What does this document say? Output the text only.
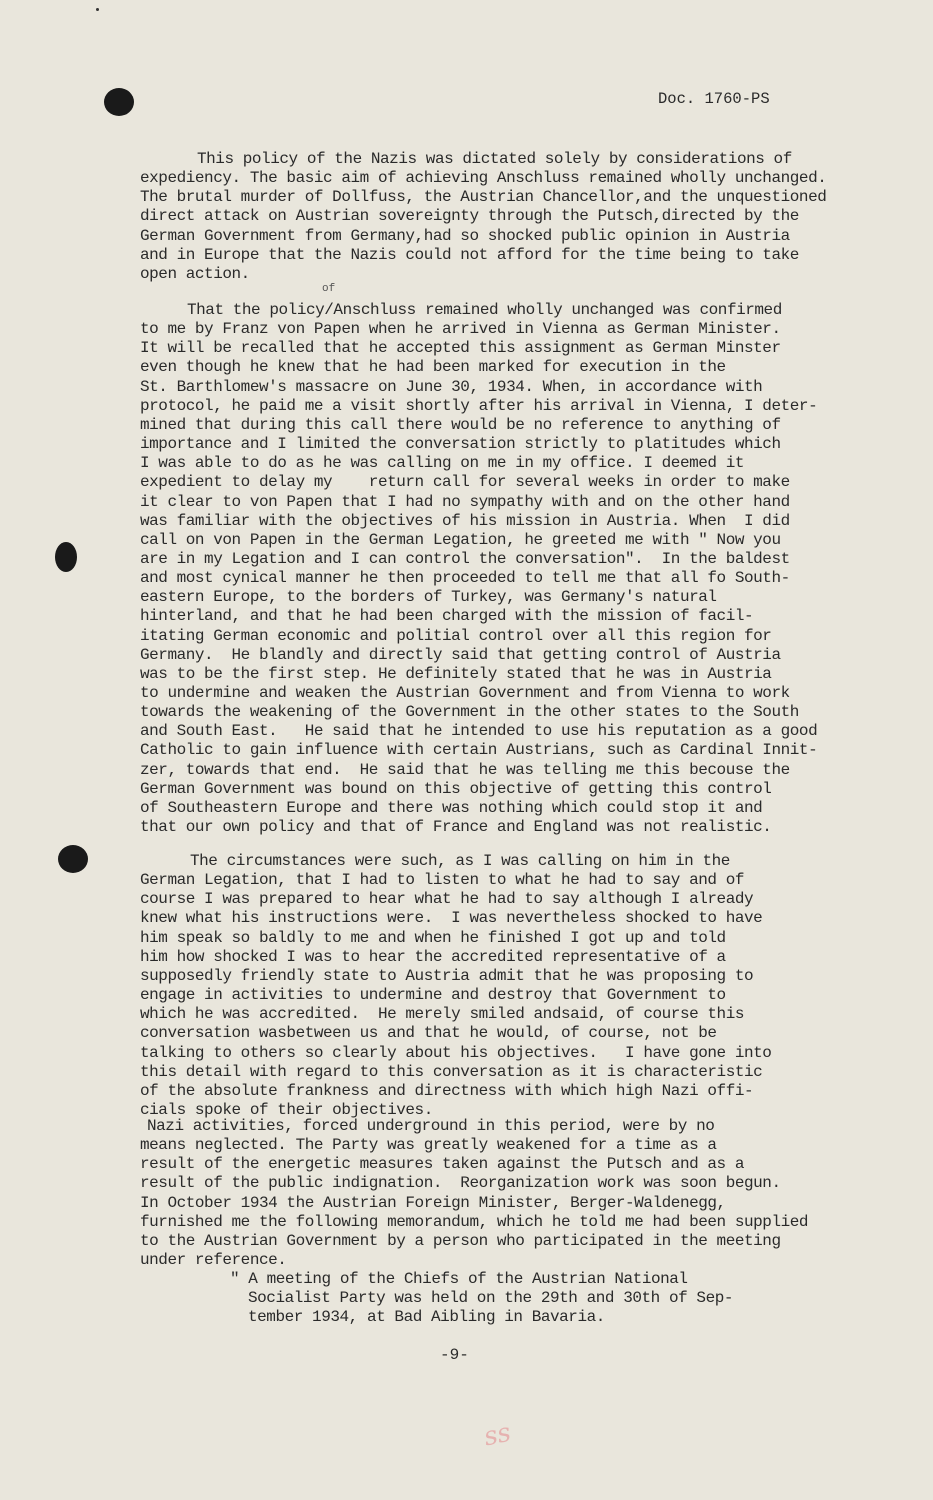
Doc. 1760-PS
of
This policy of the Nazis was dictated solely by considerations of
expediency. The basic aim of achieving Anschluss remained wholly unchanged.
The brutal murder of Dollfuss, the Austrian Chancellor,and the unquestioned
direct attack on Austrian sovereignty through the Putsch,directed by the
German Government from Germany,had so shocked public opinion in Austria
and in Europe that the Nazis could not afford for the time being to take
open action.
That the policy/Anschluss remained wholly unchanged was confirmed
to me by Franz von Papen when he arrived in Vienna as German Minister.
It will be recalled that he accepted this assignment as German Minster
even though he knew that he had been marked for execution in the
St. Barthlomew's massacre on June 30, 1934. When, in accordance with
protocol, he paid me a visit shortly after his arrival in Vienna, I deter-
mined that during this call there would be no reference to anything of
importance and I limited the conversation strictly to platitudes which
I was able to do as he was calling on me in my office. I deemed it
expedient to delay my    return call for several weeks in order to make
it clear to von Papen that I had no sympathy with and on the other hand
was familiar with the objectives of his mission in Austria. When  I did
call on von Papen in the German Legation, he greeted me with " Now you
are in my Legation and I can control the conversation".  In the baldest
and most cynical manner he then proceeded to tell me that all fo South-
eastern Europe, to the borders of Turkey, was Germany's natural
hinterland, and that he had been charged with the mission of facil-
itating German economic and politial control over all this region for
Germany.  He blandly and directly said that getting control of Austria
was to be the first step. He definitely stated that he was in Austria
to undermine and weaken the Austrian Government and from Vienna to work
towards the weakening of the Government in the other states to the South
and South East.   He said that he intended to use his reputation as a good
Catholic to gain influence with certain Austrians, such as Cardinal Innit-
zer, towards that end.  He said that he was telling me this becouse the
German Government was bound on this objective of getting this control
of Southeastern Europe and there was nothing which could stop it and
that our own policy and that of France and England was not realistic.
The circumstances were such, as I was calling on him in the
German Legation, that I had to listen to what he had to say and of
course I was prepared to hear what he had to say although I already
knew what his instructions were.  I was nevertheless shocked to have
him speak so baldly to me and when he finished I got up and told
him how shocked I was to hear the accredited representative of a
supposedly friendly state to Austria admit that he was proposing to
engage in activities to undermine and destroy that Government to
which he was accredited.  He merely smiled andsaid, of course this
conversation wasbetween us and that he would, of course, not be
talking to others so clearly about his objectives.   I have gone into
this detail with regard to this conversation as it is characteristic
of the absolute frankness and directness with which high Nazi offi-
cials spoke of their objectives.
Nazi activities, forced underground in this period, were by no
means neglected. The Party was greatly weakened for a time as a
result of the energetic measures taken against the Putsch and as a
result of the public indignation.  Reorganization work was soon begun.
In October 1934 the Austrian Foreign Minister, Berger-Waldenegg,
furnished me the following memorandum, which he told me had been supplied
to the Austrian Government by a person who participated in the meeting
under reference.
" A meeting of the Chiefs of the Austrian National
Socialist Party was held on the 29th and 30th of Sep-
tember 1934, at Bad Aibling in Bavaria.
-9-
ss
